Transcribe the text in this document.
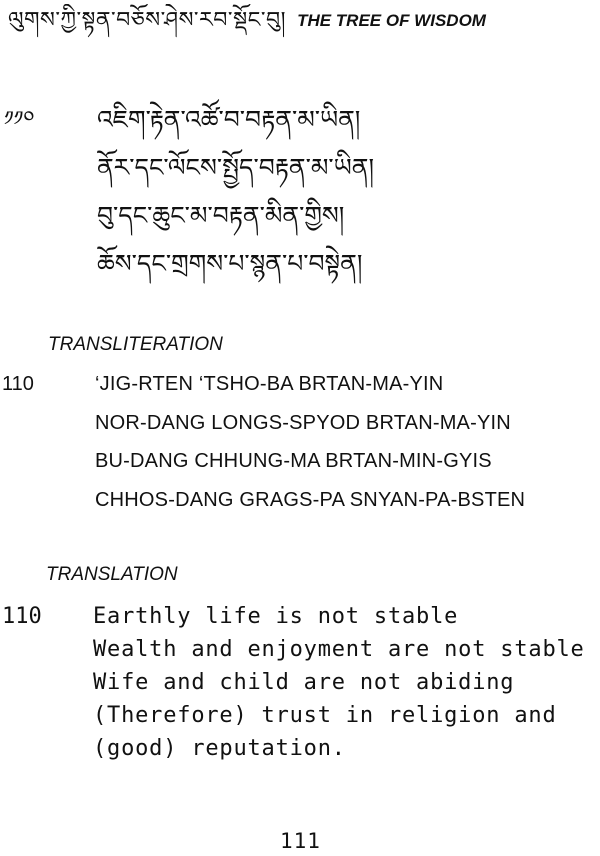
ལུགས་ཀྱི་སྟན་བཅོས་ཤེས་རབ་སྡོང་བུ། THE TREE OF WISDOM
༡༡༠	འཇིག་རྟེན་འཚོ་བ་བརྟན་མ་ཡིན།
ནོར་དང་ལོངས་སྤྱོད་བརྟན་མ་ཡིན།
བུ་དང་ཆུང་མ་བརྟན་མིན་གྱིས།
ཆོས་དང་གྲགས་པ་སྙན་པ་བསྟེན།
TRANSLITERATION
110	‘JIG-RTEN ‘TSHO-BA BRTAN-MA-YIN
NOR-DANG LONGS-SPYOD BRTAN-MA-YIN
BU-DANG CHHUNG-MA BRTAN-MIN-GYIS
CHHOS-DANG GRAGS-PA SNYAN-PA-BSTEN
TRANSLATION
110 Earthly life is not stable
Wealth and enjoyment are not stable
Wife and child are not abiding
(Therefore) trust in religion and
(good) reputation.
111
